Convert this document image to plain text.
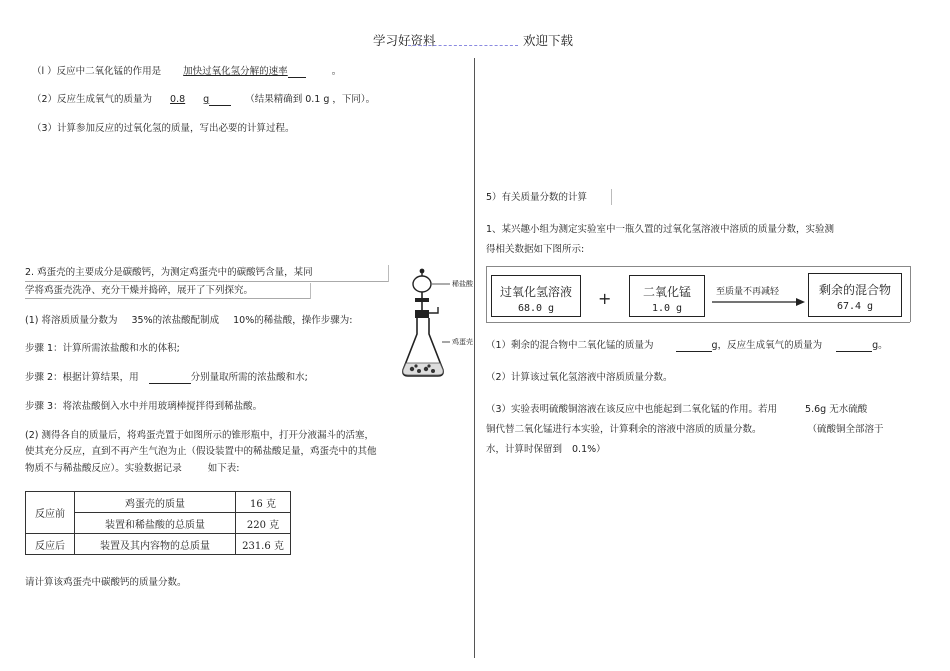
学习好资料	欢迎下载
（l ）反应中二氧化锰的作用是 加快过氧化氢分解的速率	。
（2）反应生成氧气的质量为 0.8 g	（结果精确到 0.1 g ，下同）。
（3）计算参加反应的过氧化氢的质量，写出必要的计算过程。
2. 鸡蛋壳的主要成分是碳酸钙，为测定鸡蛋壳中的碳酸钙含量，某同
学将鸡蛋壳洗净、充分干燥并捣碎，展开了下列探究。
(1) 将溶质质量分数为 35%的浓盐酸配制成 10%的稀盐酸，操作步骤为:
步骤 1：计算所需浓盐酸和水的体积;
步骤 2：根据计算结果，用	分别量取所需的浓盐酸和水;
步骤 3：将浓盐酸倒入水中并用玻璃棒搅拌得到稀盐酸。
(2) 测得各自的质量后，将鸡蛋壳置于如图所示的锥形瓶中，打开分液漏斗的活塞，
使其充分反应，直到不再产生气泡为止（假设装置中的稀盐酸足量，鸡蛋壳中的其他
物质不与稀盐酸反应）。实验数据记录	如下表:
稀盐酸
鸡蛋壳
反应前	鸡蛋壳的质量	16 克
	装置和稀盐酸的总质量	220 克
反应后	装置及其内容物的总质量	231.6 克
请计算该鸡蛋壳中碳酸钙的质量分数。
5）有关质量分数的计算
1、某兴趣小组为测定实验室中一瓶久置的过氧化氢溶液中溶质的质量分数，实验测
得相关数据如下图所示:
过氧化氢溶液
68.0 g
+	二氧化锰
1.0 g
至质量不再减轻	剩余的混合物
67.4 g
（1）剩余的混合物中二氧化锰的质量为	g，反应生成氧气的质量为	g。
（2）计算该过氧化氢溶液中溶质质量分数。
（3）实验表明硫酸铜溶液在该反应中也能起到二氧化锰的作用。若用	5.6g 无水硫酸
铜代替二氧化锰进行本实验，计算剩余的溶液中溶质的质量分数。	（硫酸铜全部溶于
水，计算时保留到 0.1%）
